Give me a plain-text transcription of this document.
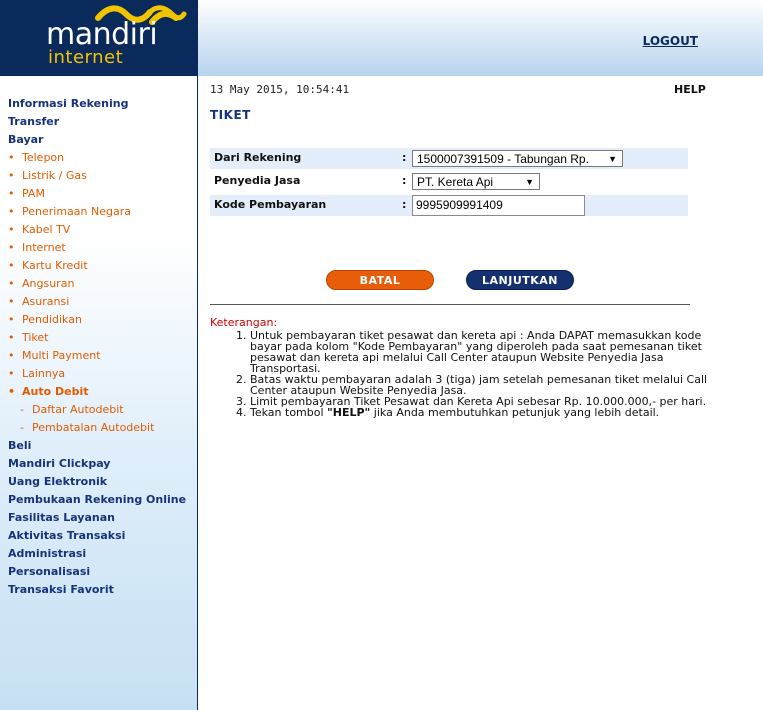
mandiri
internet
LOGOUT
Informasi Rekening
Transfer
Bayar
• Telepon
• Listrik / Gas
• PAM
• Penerimaan Negara
• Kabel TV
• Internet
• Kartu Kredit
• Angsuran
• Asuransi
• Pendidikan
• Tiket
• Multi Payment
• Lainnya
• Auto Debit
- Daftar Autodebit
- Pembatalan Autodebit
Beli
Mandiri Clickpay
Uang Elektronik
Pembukaan Rekening Online
Fasilitas Layanan
Aktivitas Transaksi
Administrasi
Personalisasi
Transaksi Favorit
13 May 2015, 10:54:41	HELP
TIKET
Dari Rekening	: 1500007391509 - Tabungan Rp. ▼
Penyedia Jasa	: PT. Kereta Api	▼
Kode Pembayaran	: 9995909991409
BATAL	LANJUTKAN
Keterangan:
1. Untuk pembayaran tiket pesawat dan kereta api : Anda DAPAT memasukkan kode bayar pada kolom "Kode Pembayaran" yang diperoleh pada saat pemesanan tiket pesawat dan kereta api melalui Call Center ataupun Website Penyedia Jasa Transportasi.
2. Batas waktu pembayaran adalah 3 (tiga) jam setelah pemesanan tiket melalui Call Center ataupun Website Penyedia Jasa.
3. Limit pembayaran Tiket Pesawat dan Kereta Api sebesar Rp. 10.000.000,- per hari.
4. Tekan tombol "HELP" jika Anda membutuhkan petunjuk yang lebih detail.
